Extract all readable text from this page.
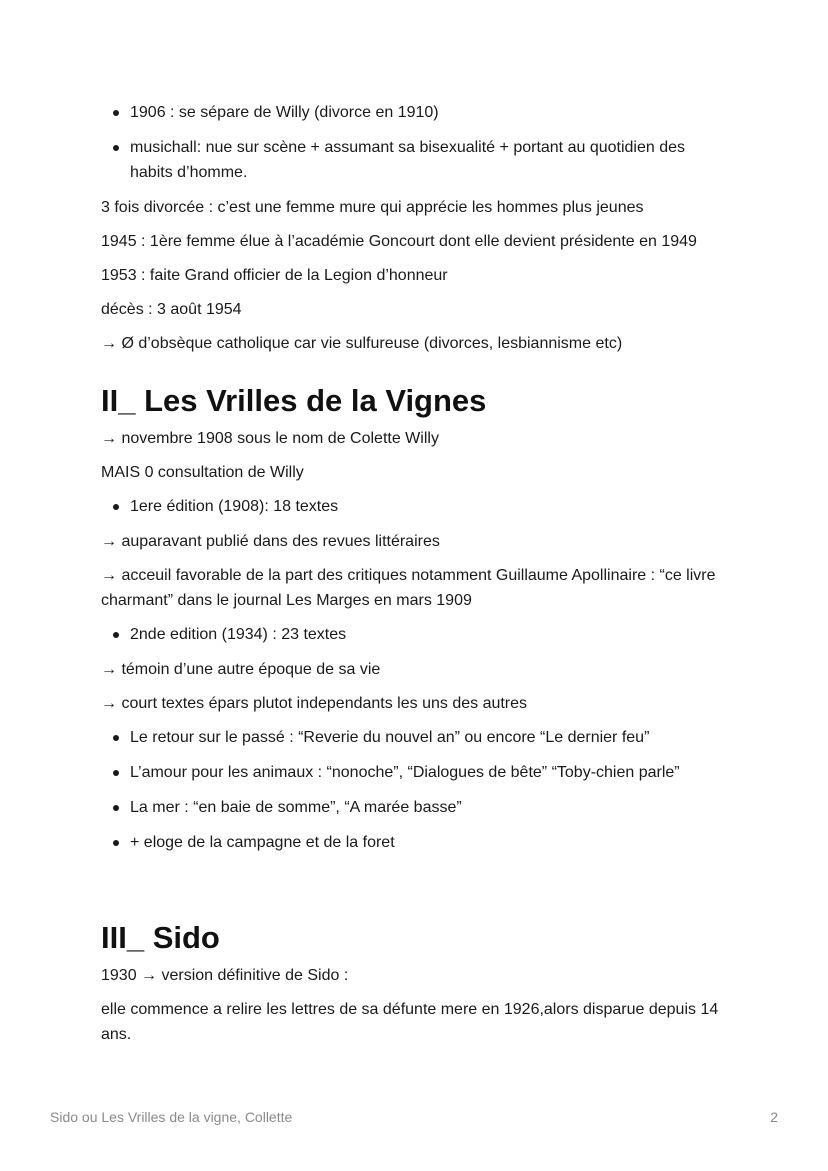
1906 : se sépare de Willy (divorce en 1910)
musichall: nue sur scène + assumant sa bisexualité + portant au quotidien des habits d’homme.

3 fois divorcée : c’est une femme mure qui apprécie les hommes plus jeunes

1945 : 1ère femme élue à l’académie Goncourt dont elle devient présidente en 1949

1953 : faite Grand officier de la Legion d’honneur

décès : 3 août 1954

→ Ø d’obsèque catholique car vie sulfureuse (divorces, lesbiannisme etc)

II_ Les Vrilles de la Vignes

→ novembre 1908 sous le nom de Colette Willy

MAIS 0 consultation de Willy

1ere édition (1908): 18 textes

→ auparavant publié dans des revues littéraires

→ acceuil favorable de la part des critiques notamment Guillaume Apollinaire : “ce livre charmant” dans le journal Les Marges en mars 1909

2nde edition (1934) : 23 textes

→ témoin d’une autre époque de sa vie

→ court textes épars plutot independants les uns des autres

Le retour sur le passé : “Reverie du nouvel an” ou encore “Le dernier feu”
L’amour pour les animaux : “nonoche”, “Dialogues de bête” “Toby-chien parle”
La mer : “en baie de somme”, “A marée basse”
+ eloge de la campagne et de la foret
III_ Sido

1930 → version définitive de Sido :

elle commence a relire les lettres de sa défunte mere en 1926,alors disparue depuis 14 ans.

Sido ou Les Vrilles de la vigne, Collette	2
